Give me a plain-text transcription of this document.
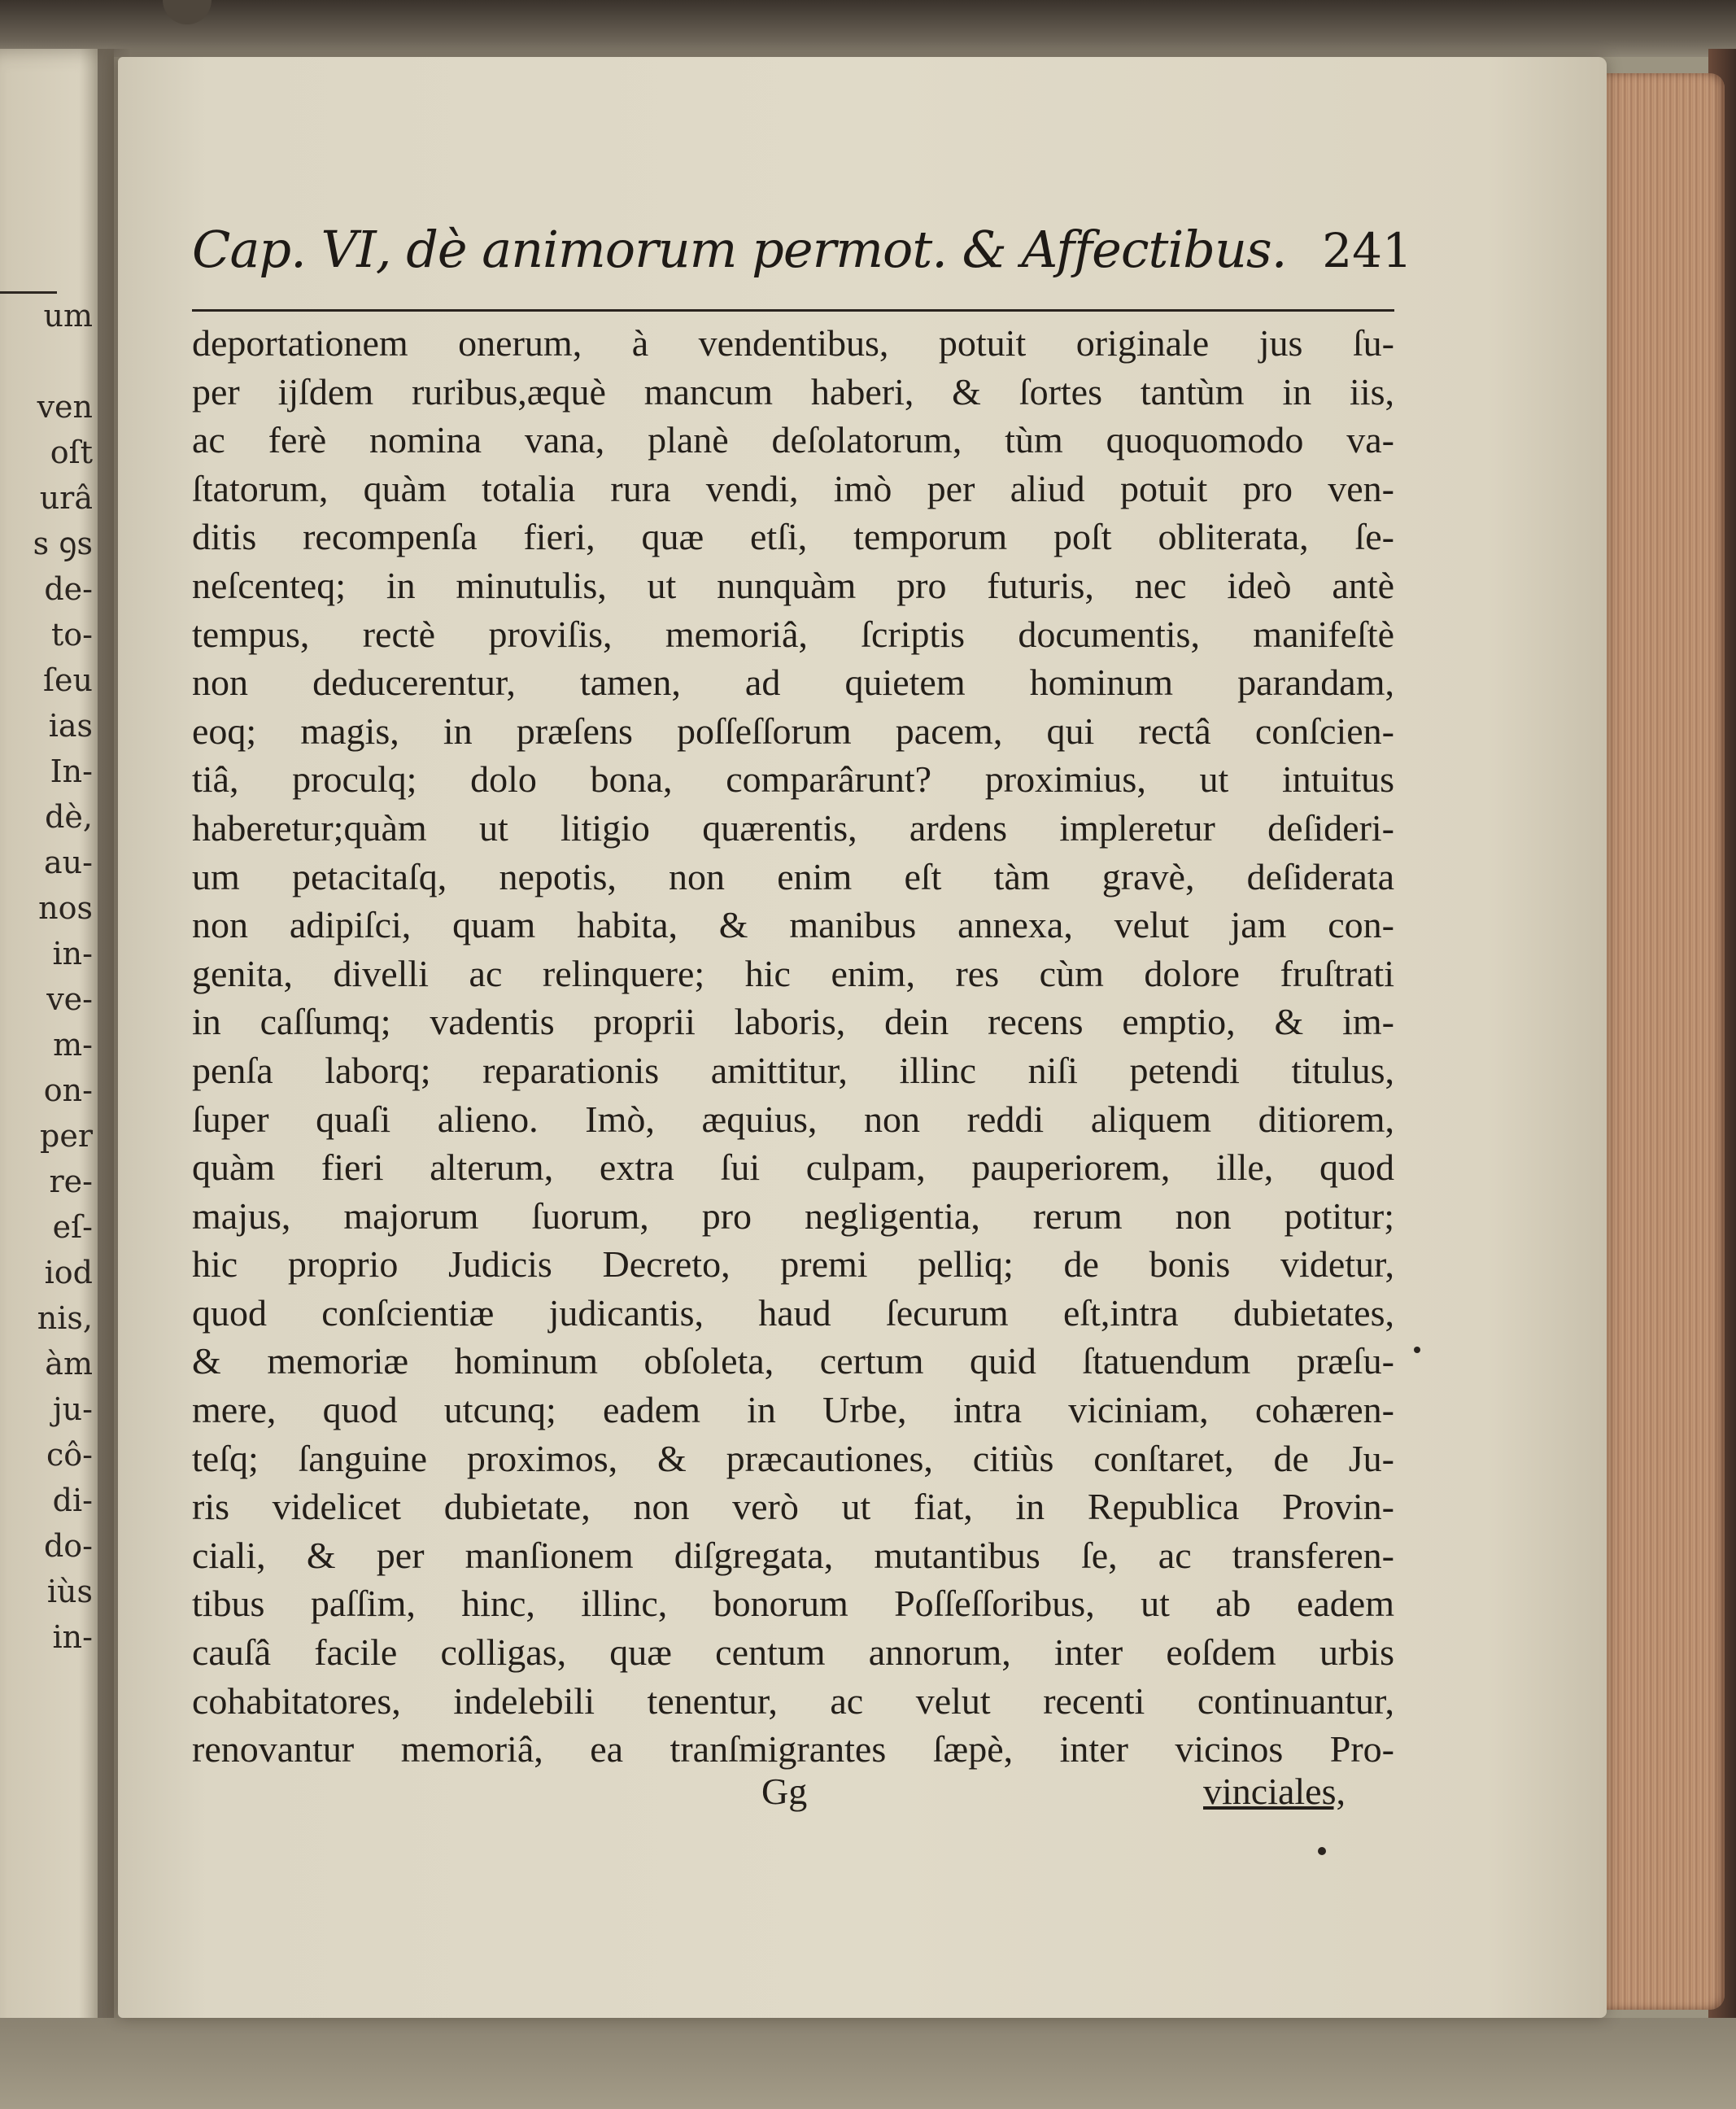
um
ven
oſt
urâ
s ꝯs
de-
to-
ſeu
ias
In-
dè,
au-
nos
in-
ve-
m-
on-
per
re-
eſ-
iod
nis,
àm
ju-
cô-
di-
do-
iùs
in-
Cap. VI, dè animorum permot. & Affectibus. 241
deportationem onerum, à vendentibus, potuit originale jus ſu-
per ijſdem ruribus,æquè mancum haberi, & ſortes tantùm in iis,
ac ferè nomina vana, planè deſolatorum, tùm quoquomodo va-
ſtatorum, quàm totalia rura vendi, imò per aliud potuit pro ven-
ditis recompenſa fieri, quæ etſi, temporum poſt obliterata, ſe-
neſcenteq; in minutulis, ut nunquàm pro futuris, nec ideò antè
tempus, rectè proviſis, memoriâ, ſcriptis documentis, manifeſtè
non deducerentur, tamen, ad quietem hominum parandam,
eoq; magis, in præſens poſſeſſorum pacem, qui rectâ conſcien-
tiâ, proculq; dolo bona, comparârunt? proximius, ut intuitus
haberetur;quàm ut litigio quærentis, ardens impleretur deſideri-
um petacitaſq, nepotis, non enim eſt tàm gravè, deſiderata
non adipiſci, quam habita, & manibus annexa, velut jam con-
genita, divelli ac relinquere; hic enim, res cùm dolore fruſtrati
in caſſumq; vadentis proprii laboris, dein recens emptio, & im-
penſa laborq; reparationis amittitur, illinc niſi petendi titulus,
ſuper quaſi alieno. Imò, æquius, non reddi aliquem ditiorem,
quàm fieri alterum, extra ſui culpam, pauperiorem, ille, quod
majus, majorum ſuorum, pro negligentia, rerum non potitur;
hic proprio Judicis Decreto, premi pelliq; de bonis videtur,
quod conſcientiæ judicantis, haud ſecurum eſt,intra dubietates,
& memoriæ hominum obſoleta, certum quid ſtatuendum præſu-
mere, quod utcunq; eadem in Urbe, intra viciniam, cohæren-
teſq; ſanguine proximos, & præcautiones, citiùs conſtaret, de Ju-
ris videlicet dubietate, non verò ut fiat, in Republica Provin-
ciali, & per manſionem diſgregata, mutantibus ſe, ac transferen-
tibus paſſim, hinc, illinc, bonorum Poſſeſſoribus, ut ab eadem
cauſâ facile colligas, quæ centum annorum, inter eoſdem urbis
cohabitatores, indelebili tenentur, ac velut recenti continuantur,
renovantur memoriâ, ea tranſmigrantes ſæpè, inter vicinos Pro-
Gg	vinciales,
